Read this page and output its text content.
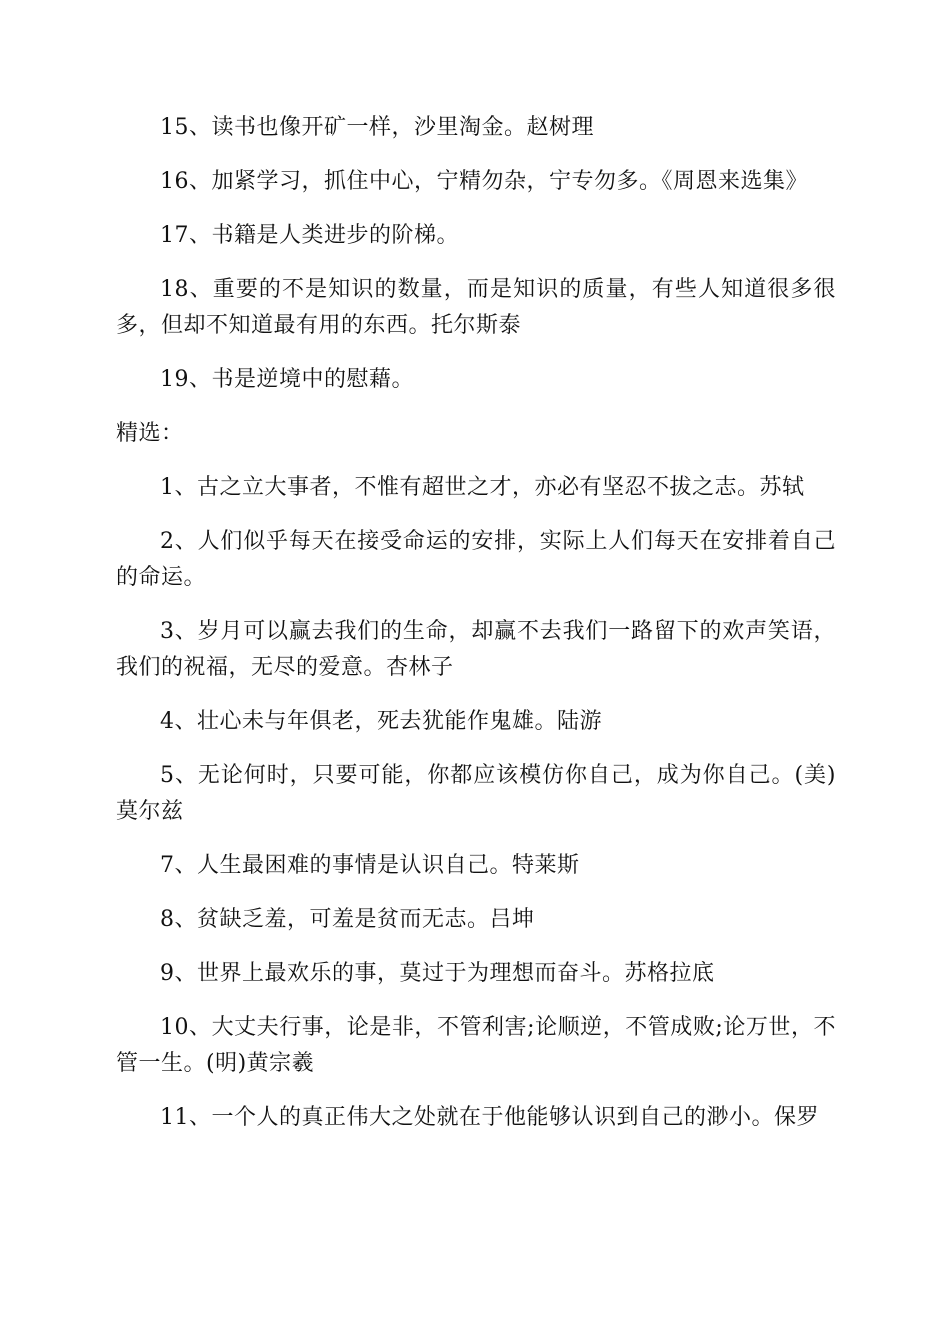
15、读书也像开矿一样，沙里淘金。赵树理

16、加紧学习，抓住中心，宁精勿杂，宁专勿多。《周恩来选集》

17、书籍是人类进步的阶梯。

18、重要的不是知识的数量，而是知识的质量，有些人知道很多很多，但却不知道最有用的东西。托尔斯泰

19、书是逆境中的慰藉。

精选：

1、古之立大事者，不惟有超世之才，亦必有坚忍不拔之志。苏轼

2、人们似乎每天在接受命运的安排，实际上人们每天在安排着自己的命运。

3、岁月可以赢去我们的生命，却赢不去我们一路留下的欢声笑语，我们的祝福，无尽的爱意。杏林子

4、壮心未与年俱老，死去犹能作鬼雄。陆游

5、无论何时，只要可能，你都应该模仿你自己，成为你自己。(美)莫尔兹

7、人生最困难的事情是认识自己。特莱斯

8、贫缺乏羞，可羞是贫而无志。吕坤

9、世界上最欢乐的事，莫过于为理想而奋斗。苏格拉底

10、大丈夫行事，论是非，不管利害;论顺逆，不管成败;论万世，不管一生。(明)黄宗羲

11、一个人的真正伟大之处就在于他能够认识到自己的渺小。保罗
